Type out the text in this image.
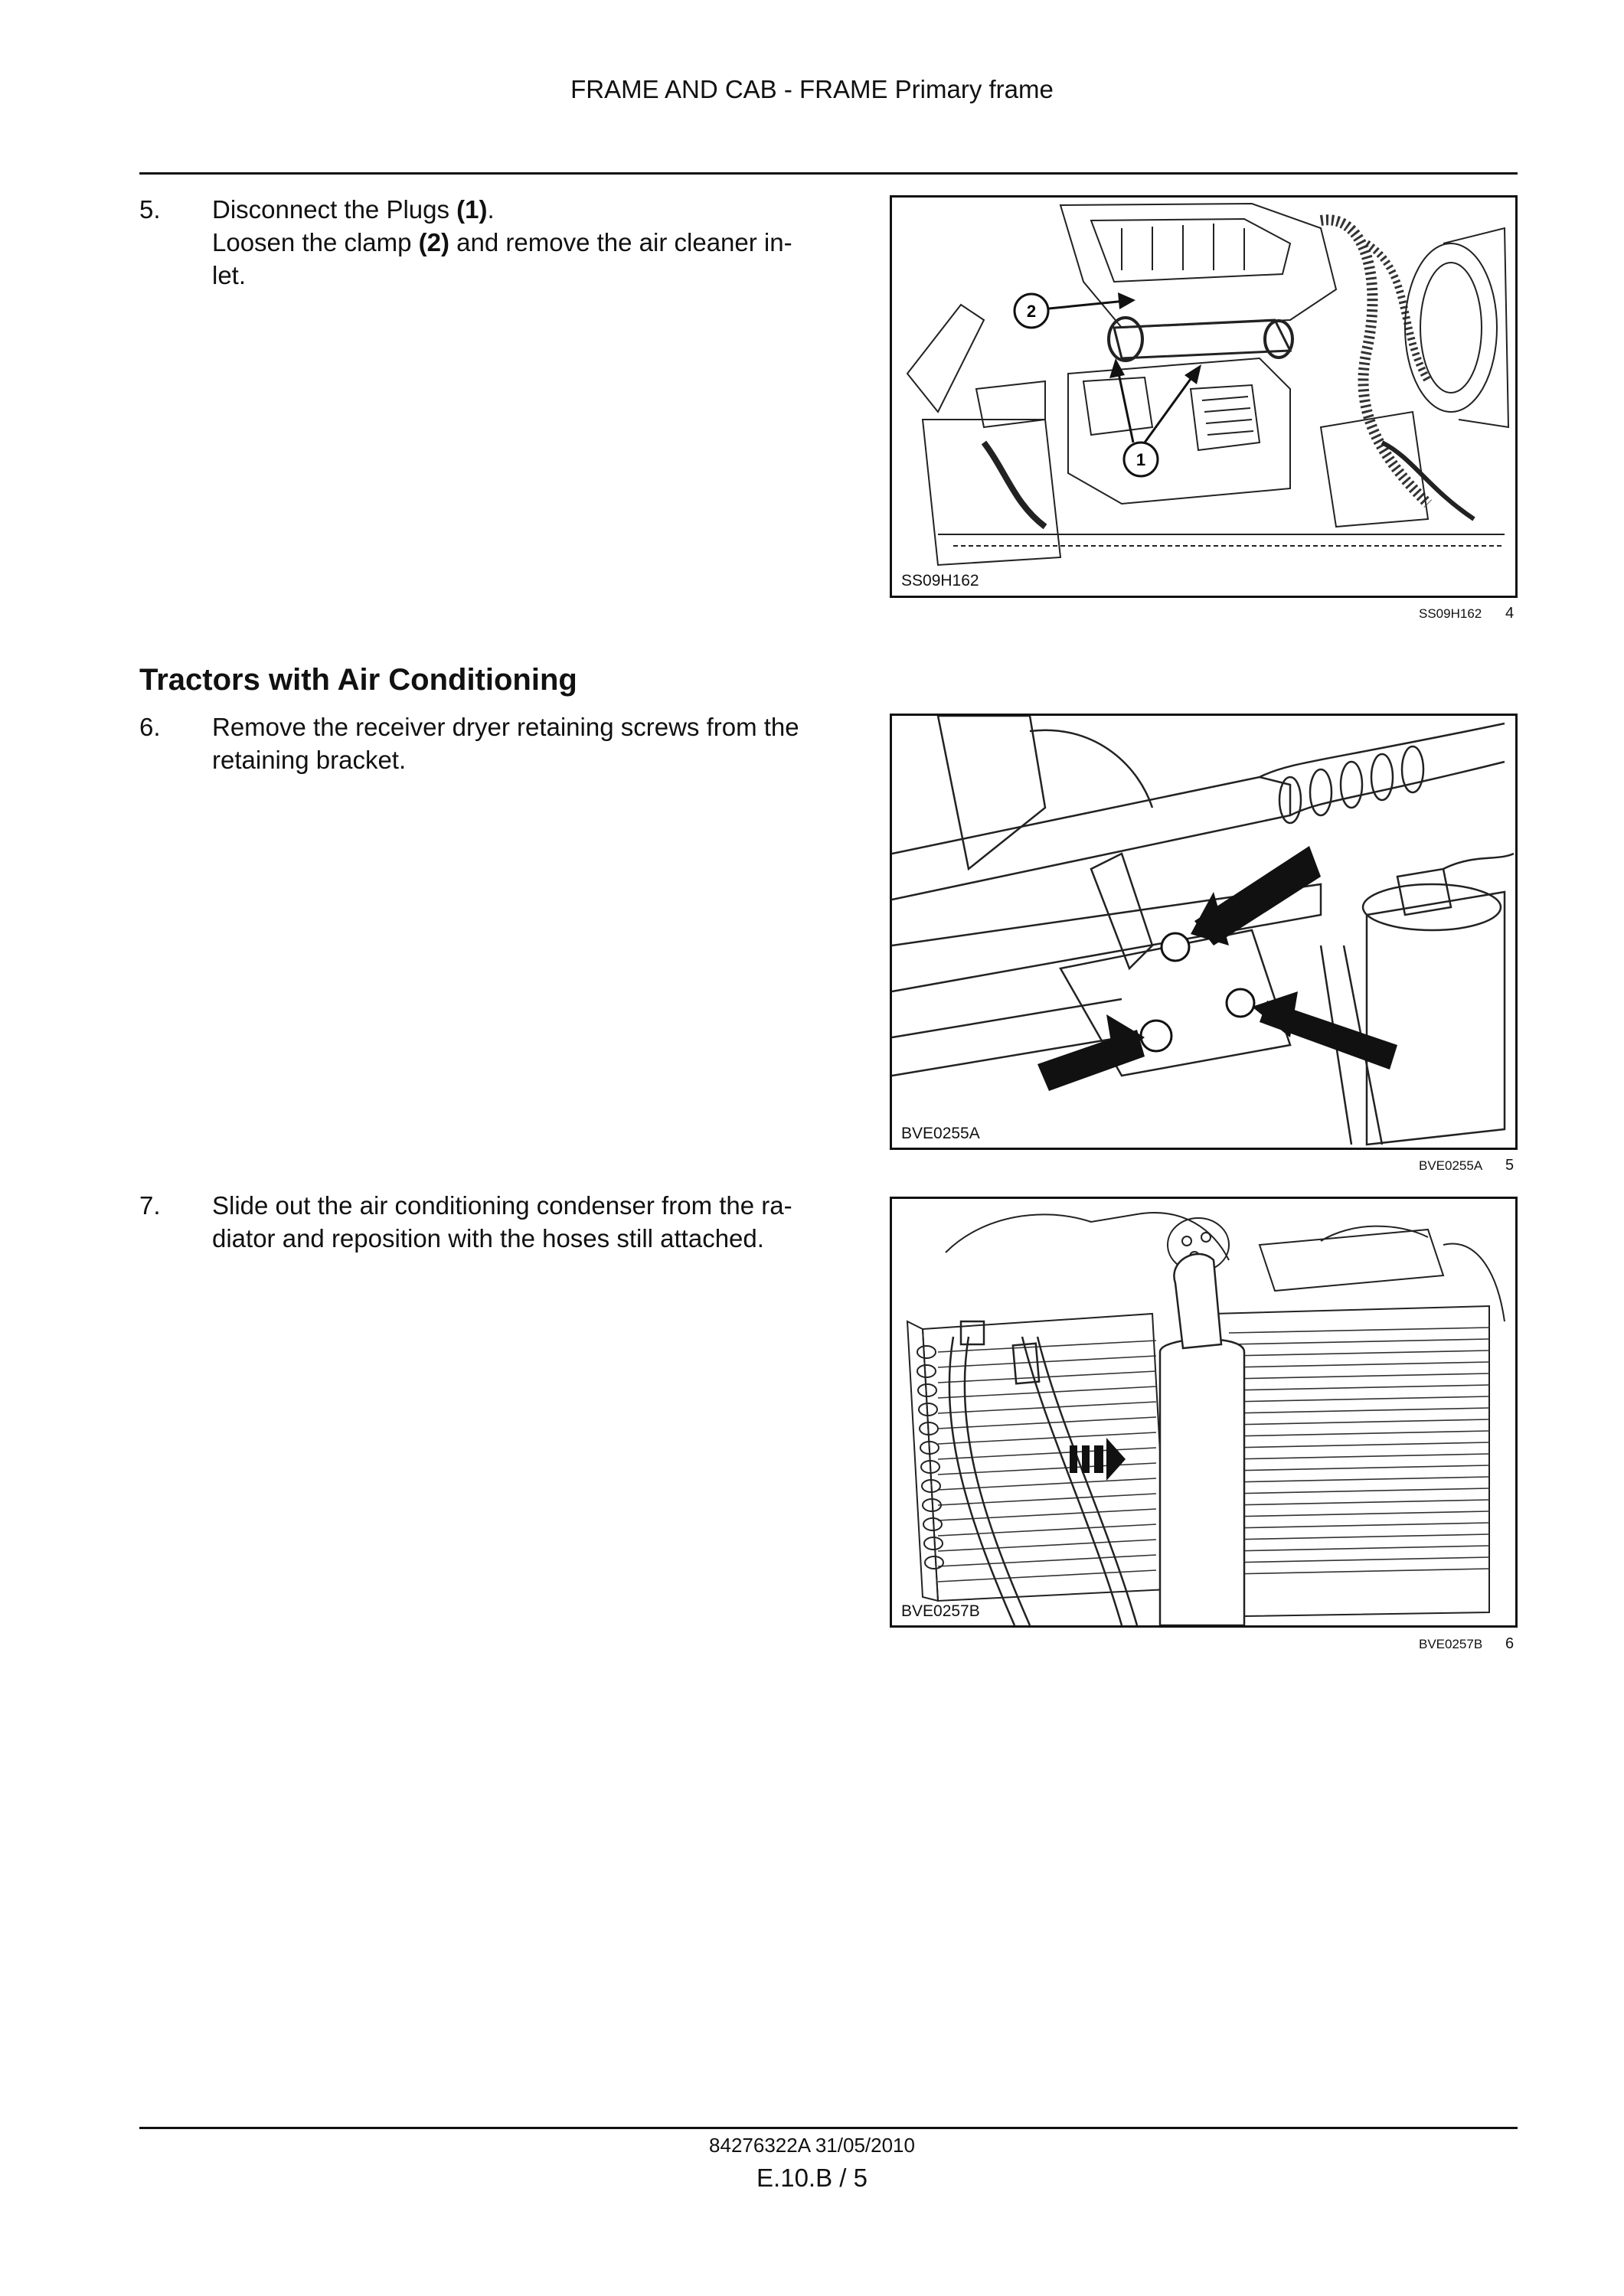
FRAME AND CAB - FRAME Primary frame
5. Disconnect the Plugs (1).
Loosen the clamp (2) and remove the air cleaner in-
let.
2
1
SS09H162
SS09H162 4
Tractors with Air Conditioning
6. Remove the receiver dryer retaining screws from the
retaining bracket.
BVE0255A
BVE0255A 5
7. Slide out the air conditioning condenser from the ra-
diator and reposition with the hoses still attached.
BVE0257B
BVE0257B 6
84276322A 31/05/2010
E.10.B / 5
